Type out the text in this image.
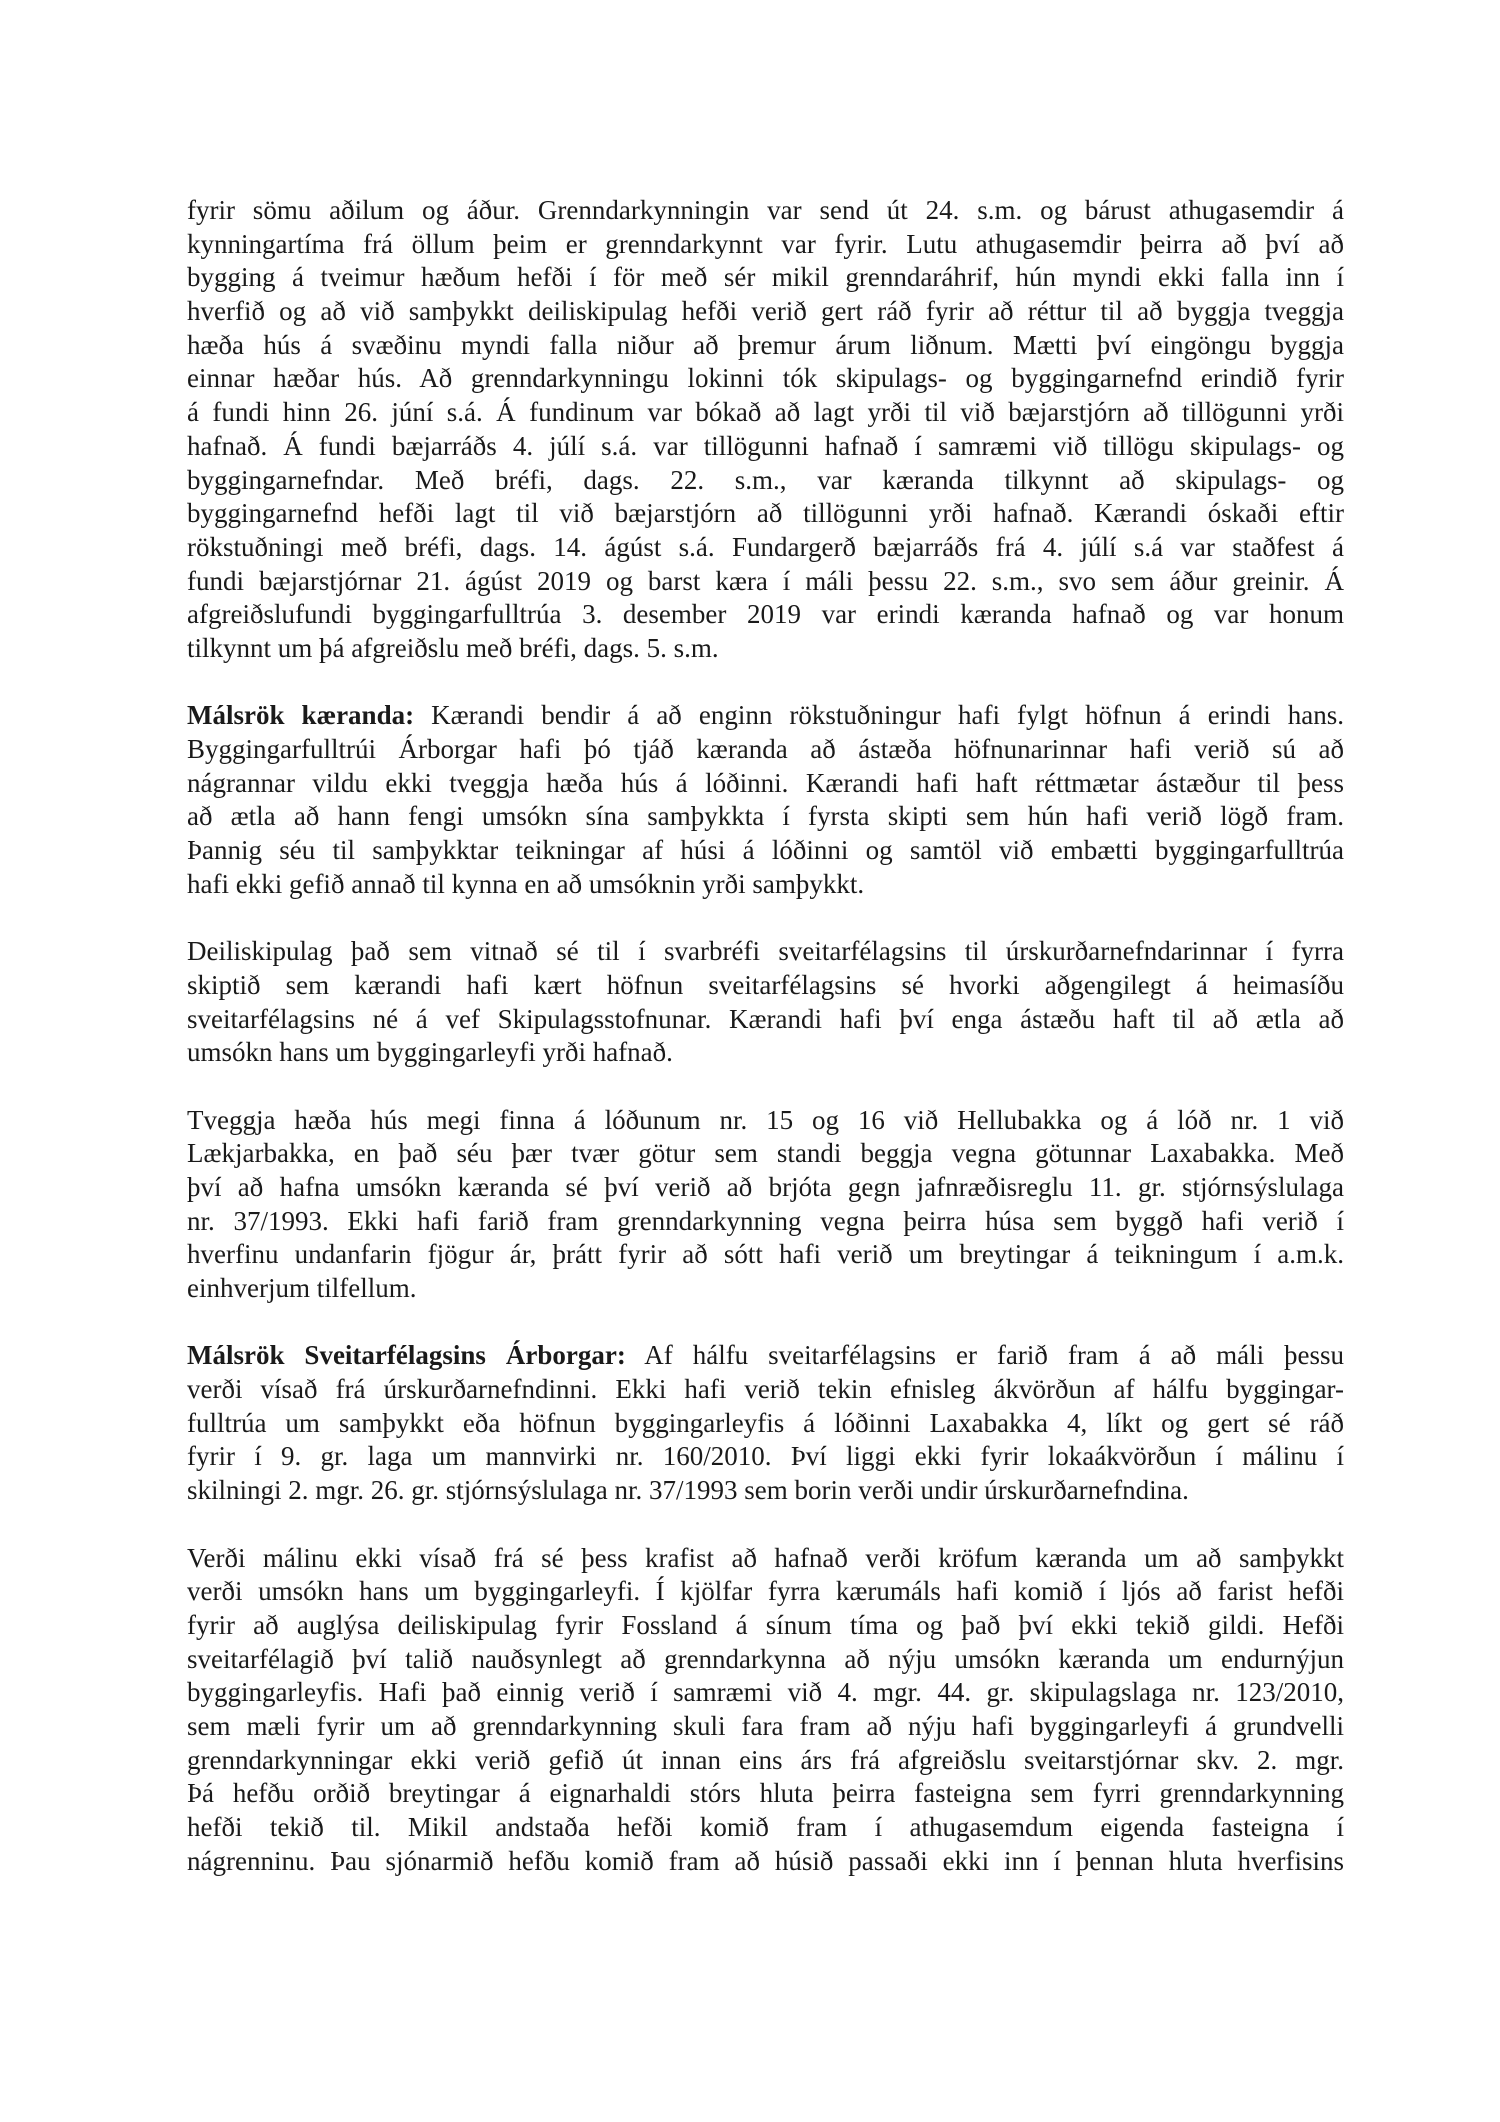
fyrir sömu aðilum og áður. Grenndarkynningin var send út 24. s.m. og bárust athugasemdir á
kynningartíma frá öllum þeim er grenndarkynnt var fyrir. Lutu athugasemdir þeirra að því að
bygging á tveimur hæðum hefði í för með sér mikil grenndaráhrif, hún myndi ekki falla inn í
hverfið og að við samþykkt deiliskipulag hefði verið gert ráð fyrir að réttur til að byggja tveggja
hæða hús á svæðinu myndi falla niður að þremur árum liðnum. Mætti því eingöngu byggja
einnar hæðar hús. Að grenndarkynningu lokinni tók skipulags- og byggingarnefnd erindið fyrir
á fundi hinn 26. júní s.á. Á fundinum var bókað að lagt yrði til við bæjarstjórn að tillögunni yrði
hafnað. Á fundi bæjarráðs 4. júlí s.á. var tillögunni hafnað í samræmi við tillögu skipulags- og
byggingarnefndar. Með bréfi, dags. 22. s.m., var kæranda tilkynnt að skipulags- og
byggingarnefnd hefði lagt til við bæjarstjórn að tillögunni yrði hafnað. Kærandi óskaði eftir
rökstuðningi með bréfi, dags. 14. ágúst s.á. Fundargerð bæjarráðs frá 4. júlí s.á var staðfest á
fundi bæjarstjórnar 21. ágúst 2019 og barst kæra í máli þessu 22. s.m., svo sem áður greinir. Á
afgreiðslufundi byggingarfulltrúa 3. desember 2019 var erindi kæranda hafnað og var honum
tilkynnt um þá afgreiðslu með bréfi, dags. 5. s.m.
Málsrök kæranda: Kærandi bendir á að enginn rökstuðningur hafi fylgt höfnun á erindi hans.
Byggingarfulltrúi Árborgar hafi þó tjáð kæranda að ástæða höfnunarinnar hafi verið sú að
nágrannar vildu ekki tveggja hæða hús á lóðinni. Kærandi hafi haft réttmætar ástæður til þess
að ætla að hann fengi umsókn sína samþykkta í fyrsta skipti sem hún hafi verið lögð fram.
Þannig séu til samþykktar teikningar af húsi á lóðinni og samtöl við embætti byggingarfulltrúa
hafi ekki gefið annað til kynna en að umsóknin yrði samþykkt.
Deiliskipulag það sem vitnað sé til í svarbréfi sveitarfélagsins til úrskurðarnefndarinnar í fyrra
skiptið sem kærandi hafi kært höfnun sveitarfélagsins sé hvorki aðgengilegt á heimasíðu
sveitarfélagsins né á vef Skipulagsstofnunar. Kærandi hafi því enga ástæðu haft til að ætla að
umsókn hans um byggingarleyfi yrði hafnað.
Tveggja hæða hús megi finna á lóðunum nr. 15 og 16 við Hellubakka og á lóð nr. 1 við
Lækjarbakka, en það séu þær tvær götur sem standi beggja vegna götunnar Laxabakka. Með
því að hafna umsókn kæranda sé því verið að brjóta gegn jafnræðisreglu 11. gr. stjórnsýslulaga
nr. 37/1993. Ekki hafi farið fram grenndarkynning vegna þeirra húsa sem byggð hafi verið í
hverfinu undanfarin fjögur ár, þrátt fyrir að sótt hafi verið um breytingar á teikningum í a.m.k.
einhverjum tilfellum.
Málsrök Sveitarfélagsins Árborgar: Af hálfu sveitarfélagsins er farið fram á að máli þessu
verði vísað frá úrskurðarnefndinni. Ekki hafi verið tekin efnisleg ákvörðun af hálfu byggingar-
fulltrúa um samþykkt eða höfnun byggingarleyfis á lóðinni Laxabakka 4, líkt og gert sé ráð
fyrir í 9. gr. laga um mannvirki nr. 160/2010. Því liggi ekki fyrir lokaákvörðun í málinu í
skilningi 2. mgr. 26. gr. stjórnsýslulaga nr. 37/1993 sem borin verði undir úrskurðarnefndina.
Verði málinu ekki vísað frá sé þess krafist að hafnað verði kröfum kæranda um að samþykkt
verði umsókn hans um byggingarleyfi. Í kjölfar fyrra kærumáls hafi komið í ljós að farist hefði
fyrir að auglýsa deiliskipulag fyrir Fossland á sínum tíma og það því ekki tekið gildi. Hefði
sveitarfélagið því talið nauðsynlegt að grenndarkynna að nýju umsókn kæranda um endurnýjun
byggingarleyfis. Hafi það einnig verið í samræmi við 4. mgr. 44. gr. skipulagslaga nr. 123/2010,
sem mæli fyrir um að grenndarkynning skuli fara fram að nýju hafi byggingarleyfi á grundvelli
grenndarkynningar ekki verið gefið út innan eins árs frá afgreiðslu sveitarstjórnar skv. 2. mgr.
Þá hefðu orðið breytingar á eignarhaldi stórs hluta þeirra fasteigna sem fyrri grenndarkynning
hefði tekið til. Mikil andstaða hefði komið fram í athugasemdum eigenda fasteigna í
nágrenninu. Þau sjónarmið hefðu komið fram að húsið passaði ekki inn í þennan hluta hverfisins
